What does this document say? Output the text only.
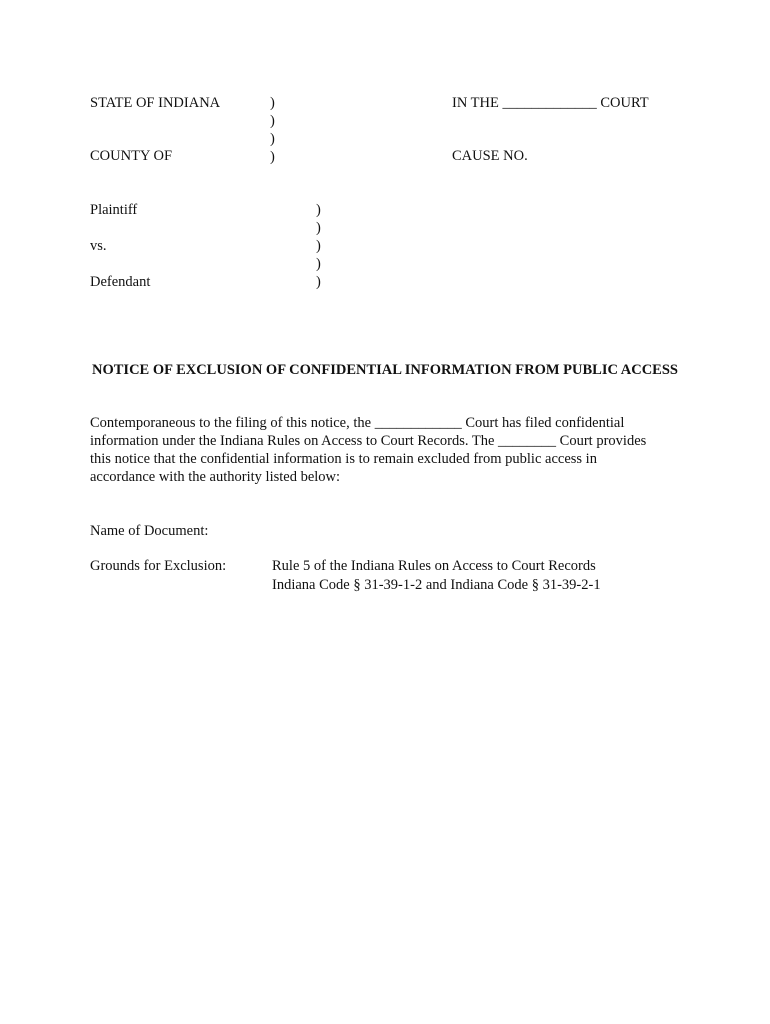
STATE OF INDIANA
COUNTY OF
)
)
)
)
IN THE _____________ COURT
CAUSE NO.
Plaintiff
vs.
Defendant
)
)
)
)
)
NOTICE OF EXCLUSION OF CONFIDENTIAL INFORMATION FROM PUBLIC ACCESS
Contemporaneous to the filing of this notice, the ____________ Court has filed confidential
information under the Indiana Rules on Access to Court Records. The ________ Court provides
this notice that the confidential information is to remain excluded from public access in
accordance with the authority listed below:
Name of Document:
Grounds for Exclusion:	Rule 5 of the Indiana Rules on Access to Court Records
Indiana Code § 31-39-1-2 and Indiana Code § 31-39-2-1
